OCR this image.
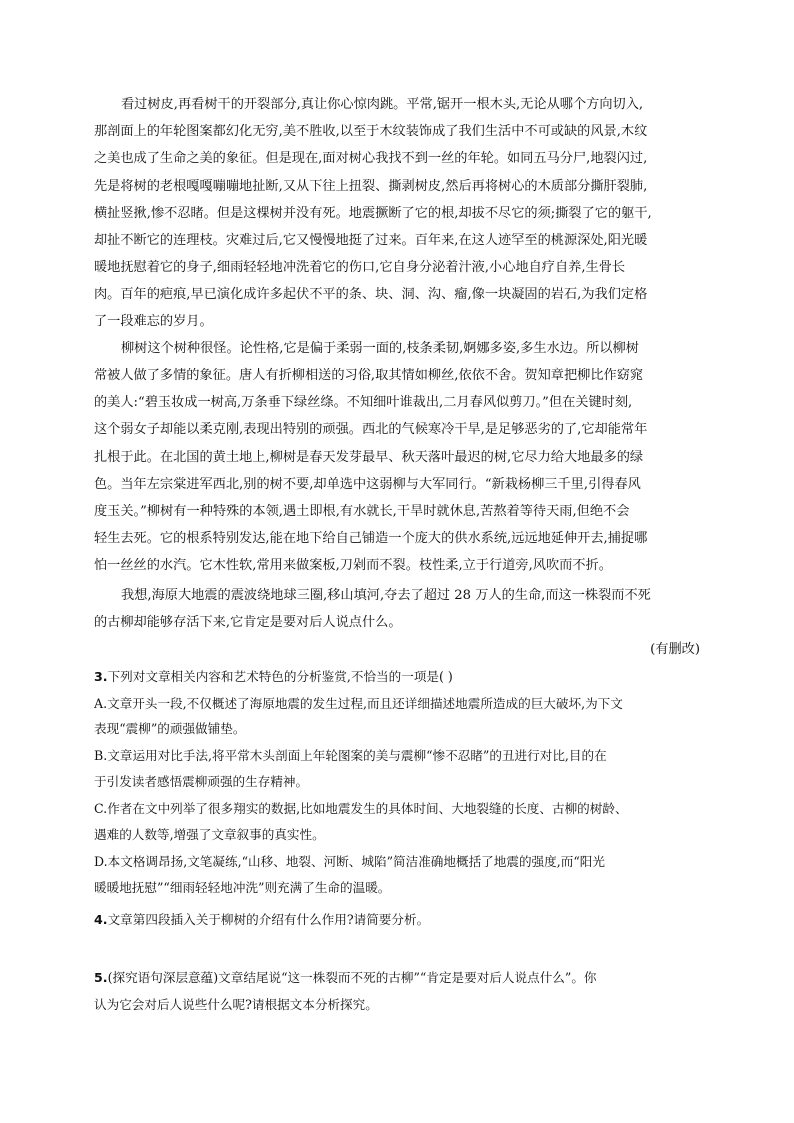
看过树皮,再看树干的开裂部分,真让你心惊肉跳。平常,锯开一根木头,无论从哪个方向切入,

那剖面上的年轮图案都幻化无穷,美不胜收,以至于木纹装饰成了我们生活中不可或缺的风景,木纹

之美也成了生命之美的象征。但是现在,面对树心我找不到一丝的年轮。如同五马分尸,地裂闪过,

先是将树的老根嘎嘎嘣嘣地扯断,又从下往上扭裂、撕剥树皮,然后再将树心的木质部分撕肝裂肺,

横扯竖揪,惨不忍睹。但是这棵树并没有死。地震撅断了它的根,却拔不尽它的须;撕裂了它的躯干,

却扯不断它的连理枝。灾难过后,它又慢慢地挺了过来。百年来,在这人迹罕至的桃源深处,阳光暖

暖地抚慰着它的身子,细雨轻轻地冲洗着它的伤口,它自身分泌着汁液,小心地自疗自养,生骨长

肉。百年的疤痕,早已演化成许多起伏不平的条、块、洞、沟、瘤,像一块凝固的岩石,为我们定格

了一段难忘的岁月。

柳树这个树种很怪。论性格,它是偏于柔弱一面的,枝条柔韧,婀娜多姿,多生水边。所以柳树

常被人做了多情的象征。唐人有折柳相送的习俗,取其情如柳丝,依依不舍。贺知章把柳比作窈窕

的美人:“碧玉妆成一树高,万条垂下绿丝绦。不知细叶谁裁出,二月春风似剪刀。”但在关键时刻,

这个弱女子却能以柔克刚,表现出特别的顽强。西北的气候寒冷干旱,是足够恶劣的了,它却能常年

扎根于此。在北国的黄土地上,柳树是春天发芽最早、秋天落叶最迟的树,它尽力给大地最多的绿

色。当年左宗棠进军西北,别的树不要,却单选中这弱柳与大军同行。“新栽杨柳三千里,引得春风

度玉关。”柳树有一种特殊的本领,遇土即根,有水就长,干旱时就休息,苦熬着等待天雨,但绝不会

轻生去死。它的根系特别发达,能在地下给自己铺造一个庞大的供水系统,远远地延伸开去,捕捉哪

怕一丝丝的水汽。它木性软,常用来做案板,刀剁而不裂。枝性柔,立于行道旁,风吹而不折。

我想,海原大地震的震波绕地球三圈,移山填河,夺去了超过 28 万人的生命,而这一株裂而不死

的古柳却能够存活下来,它肯定是要对后人说点什么。

(有删改)

3.下列对文章相关内容和艺术特色的分析鉴赏,不恰当的一项是( )

A.文章开头一段,不仅概述了海原地震的发生过程,而且还详细描述地震所造成的巨大破坏,为下文

表现“震柳”的顽强做铺垫。

B.文章运用对比手法,将平常木头剖面上年轮图案的美与震柳“惨不忍睹”的丑进行对比,目的在

于引发读者感悟震柳顽强的生存精神。

C.作者在文中列举了很多翔实的数据,比如地震发生的具体时间、大地裂缝的长度、古柳的树龄、

遇难的人数等,增强了文章叙事的真实性。

D.本文格调昂扬,文笔凝练,“山移、地裂、河断、城陷”简洁准确地概括了地震的强度,而“阳光

暖暖地抚慰”“细雨轻轻地冲洗”则充满了生命的温暖。

4.文章第四段插入关于柳树的介绍有什么作用?请简要分析。

5.(探究语句深层意蕴)文章结尾说“这一株裂而不死的古柳”“肯定是要对后人说点什么”。你

认为它会对后人说些什么呢?请根据文本分析探究。
